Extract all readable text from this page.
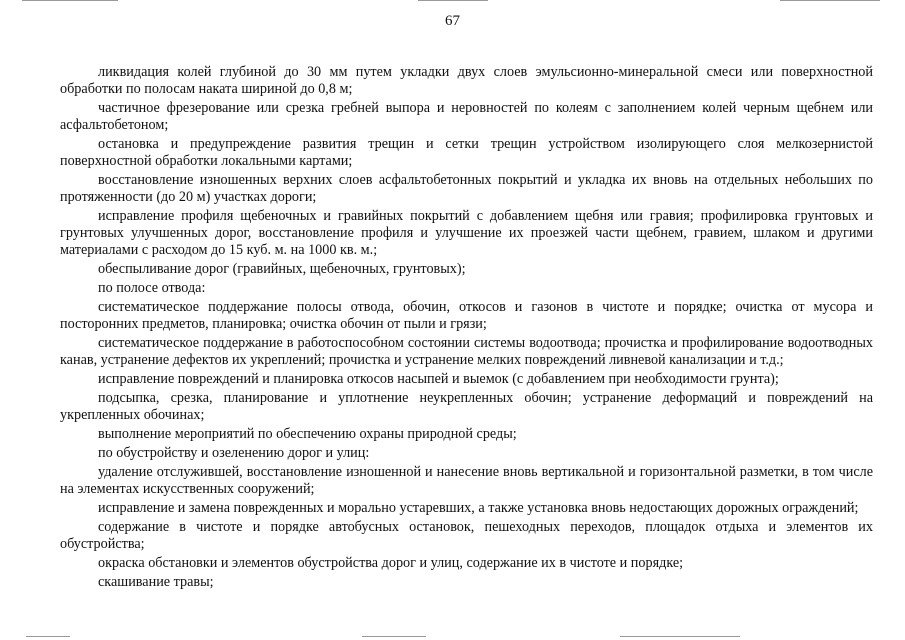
67

ликвидация колей глубиной до 30 мм путем укладки двух слоев эмульсионно-минеральной смеси или поверхностной обработки по полосам наката шириной до 0,8 м;

частичное фрезерование или срезка гребней выпора и неровностей по колеям с заполнением колей черным щебнем или асфальтобетоном;

остановка и предупреждение развития трещин и сетки трещин устройством изолирующего слоя мелкозернистой поверхностной обработки локальными картами;

восстановление изношенных верхних слоев асфальтобетонных покрытий и укладка их вновь на отдельных небольших по протяженности (до 20 м) участках дороги;

исправление профиля щебеночных и гравийных покрытий с добавлением щебня или гравия; профилировка грунтовых и грунтовых улучшенных дорог, восстановление профиля и улучшение их проезжей части щебнем, гравием, шлаком и другими материалами с расходом до 15 куб. м. на 1000 кв. м.;

обеспыливание дорог (гравийных, щебеночных, грунтовых);

по полосе отвода:

систематическое поддержание полосы отвода, обочин, откосов и газонов в чистоте и порядке; очистка от мусора и посторонних предметов, планировка; очистка обочин от пыли и грязи;

систематическое поддержание в работоспособном состоянии системы водоотвода; прочистка и профилирование водоотводных канав, устранение дефектов их укреплений; прочистка и устранение мелких повреждений ливневой канализации и т.д.;

исправление повреждений и планировка откосов насыпей и выемок (с добавлением при необходимости грунта);

подсыпка, срезка, планирование и уплотнение неукрепленных обочин; устранение деформаций и повреждений на укрепленных обочинах;

выполнение мероприятий по обеспечению охраны природной среды;

по обустройству и озеленению дорог и улиц:

удаление отслужившей, восстановление изношенной и нанесение вновь вертикальной и горизонтальной разметки, в том числе на элементах искусственных сооружений;

исправление и замена поврежденных и морально устаревших, а также установка вновь недостающих дорожных ограждений;

содержание в чистоте и порядке автобусных остановок, пешеходных переходов, площадок отдыха и элементов их обустройства;

окраска обстановки и элементов обустройства дорог и улиц, содержание их в чистоте и порядке;

скашивание травы;
